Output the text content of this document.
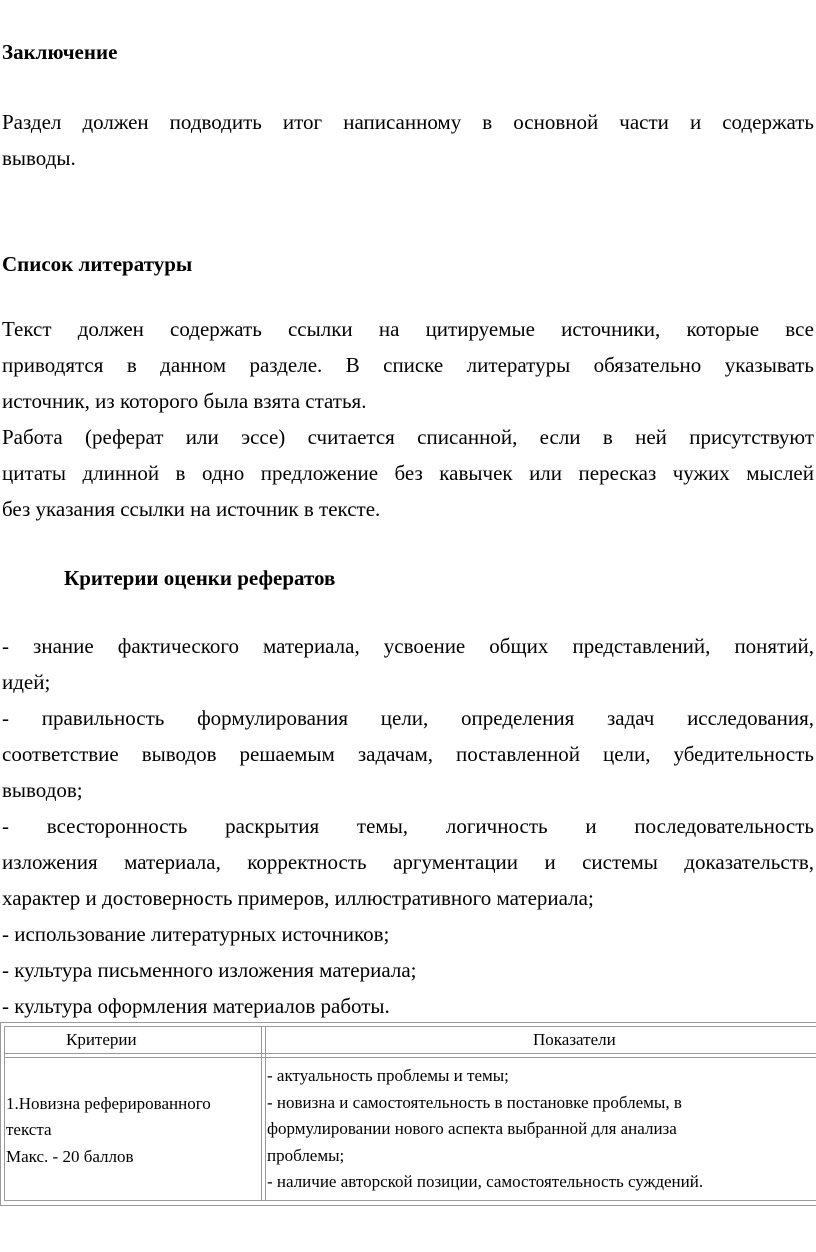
Заключение
Раздел должен подводить итог написанному в основной части и содержать
выводы.
Список литературы
Текст должен содержать ссылки на цитируемые источники, которые все
приводятся в данном разделе. В списке литературы обязательно указывать
источник, из которого была взята статья.
Работа (реферат или эссе) считается списанной, если в ней присутствуют
цитаты длинной в одно предложение без кавычек или пересказ чужих мыслей
без указания ссылки на источник в тексте.
Критерии оценки рефератов
- знание фактического материала, усвоение общих представлений, понятий,
идей;
- правильность формулирования цели, определения задач исследования,
соответствие выводов решаемым задачам, поставленной цели, убедительность
выводов;
- всесторонность раскрытия темы, логичность и последовательность
изложения материала, корректность аргументации и системы доказательств,
характер и достоверность примеров, иллюстративного материала;
- использование литературных источников;
- культура письменного изложения материала;
- культура оформления материалов работы.
Критерии	Показатели
1.Новизна реферированного
текста
Макс. - 20 баллов
- актуальность проблемы и темы;
- новизна и самостоятельность в постановке проблемы, в
формулировании нового аспекта выбранной для анализа
проблемы;
- наличие авторской позиции, самостоятельность суждений.
